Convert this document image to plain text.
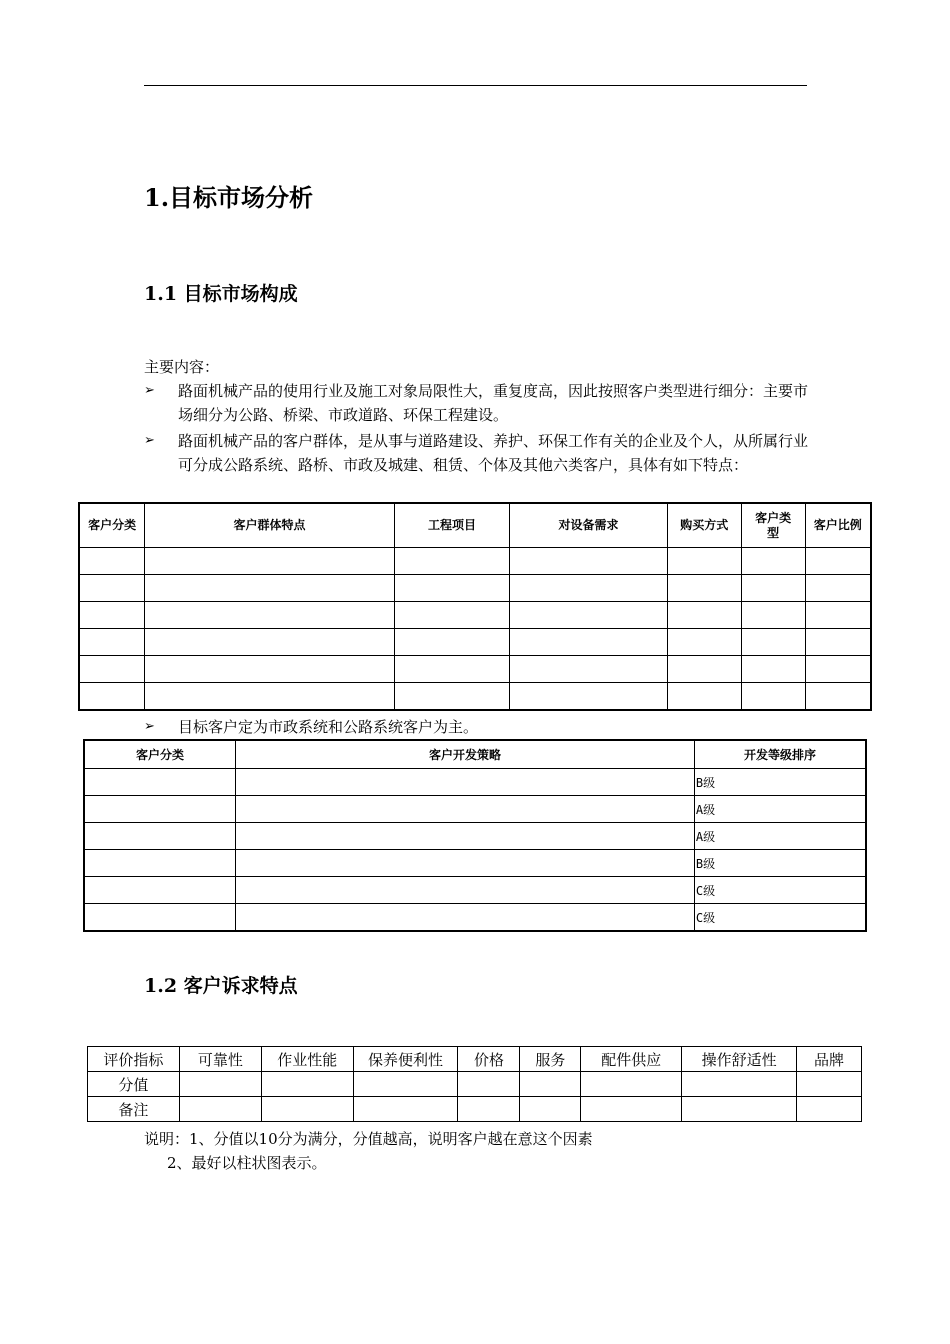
1.目标市场分析
1.1 目标市场构成
主要内容：
➢ 路面机械产品的使用行业及施工对象局限性大，重复度高，因此按照客户类型进行细分：主要市场细分为公路、桥梁、市政道路、环保工程建设。
➢ 路面机械产品的客户群体，是从事与道路建设、养护、环保工作有关的企业及个人，从所属行业可分成公路系统、路桥、市政及城建、租赁、个体及其他六类客户，具体有如下特点：
客户分类	客户群体特点	工程项目	对设备需求	购买方式	客户类型	客户比例

➢ 目标客户定为市政系统和公路系统客户为主。
客户分类	客户开发策略	开发等级排序
		B级
		A级
		A级
		B级
		C级
		C级
1.2 客户诉求特点
评价指标	可靠性	作业性能	保养便利性	价格	服务	配件供应	操作舒适性	品牌
分值								
备注								
说明：1、分值以10分为满分，分值越高，说明客户越在意这个因素
2、最好以柱状图表示。
